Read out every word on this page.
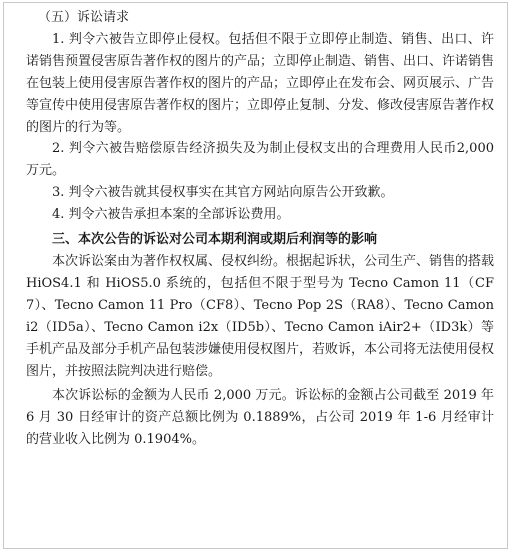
（五）诉讼请求

1. 判令六被告立即停止侵权。包括但不限于立即停止制造、销售、出口、许诺销售预置侵害原告著作权的图片的产品；立即停止制造、销售、出口、许诺销售在包装上使用侵害原告著作权的图片的产品；立即停止在发布会、网页展示、广告等宣传中使用侵害原告著作权的图片；立即停止复制、分发、修改侵害原告著作权的图片的行为等。

2. 判令六被告赔偿原告经济损失及为制止侵权支出的合理费用人民币2,000万元。

3. 判令六被告就其侵权事实在其官方网站向原告公开致歉。

4. 判令六被告承担本案的全部诉讼费用。

三、本次公告的诉讼对公司本期利润或期后利润等的影响

本次诉讼案由为著作权权属、侵权纠纷。根据起诉状，公司生产、销售的搭载 HiOS4.1 和 HiOS5.0 系统的，包括但不限于型号为 Tecno Camon 11（CF7）、Tecno Camon 11 Pro（CF8）、Tecno Pop 2S（RA8）、Tecno Camon i2（ID5a）、Tecno Camon i2x（ID5b）、Tecno Camon iAir2+（ID3k）等手机产品及部分手机产品包装涉嫌使用侵权图片，若败诉，本公司将无法使用侵权图片，并按照法院判决进行赔偿。

本次诉讼标的金额为人民币 2,000 万元。诉讼标的金额占公司截至 2019 年 6 月 30 日经审计的资产总额比例为 0.1889%，占公司 2019 年 1-6 月经审计的营业收入比例为 0.1904%。
